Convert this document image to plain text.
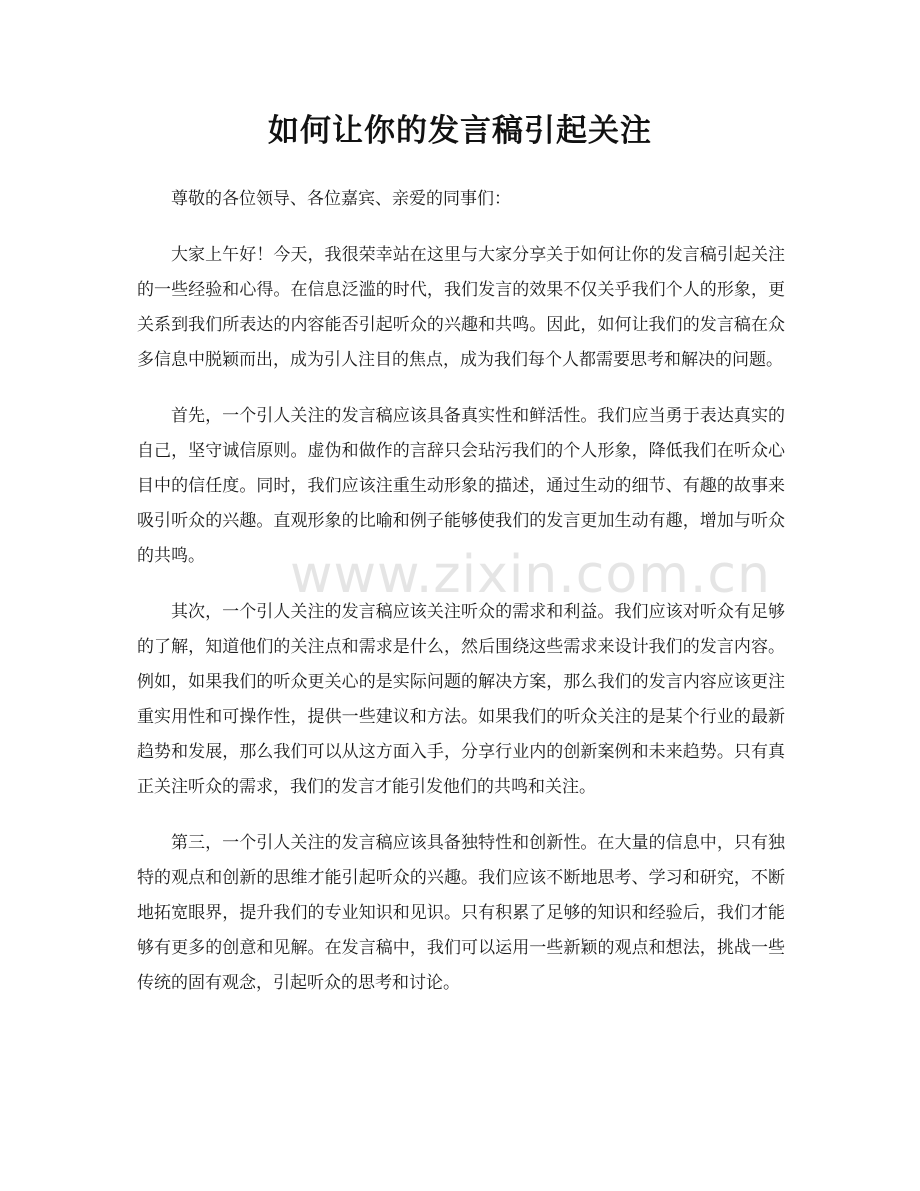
如何让你的发言稿引起关注

尊敬的各位领导、各位嘉宾、亲爱的同事们：

大家上午好！今天，我很荣幸站在这里与大家分享关于如何让你的发言稿引起关注的一些经验和心得。在信息泛滥的时代，我们发言的效果不仅关乎我们个人的形象，更关系到我们所表达的内容能否引起听众的兴趣和共鸣。因此，如何让我们的发言稿在众多信息中脱颖而出，成为引人注目的焦点，成为我们每个人都需要思考和解决的问题。

首先，一个引人关注的发言稿应该具备真实性和鲜活性。我们应当勇于表达真实的自己，坚守诚信原则。虚伪和做作的言辞只会玷污我们的个人形象，降低我们在听众心目中的信任度。同时，我们应该注重生动形象的描述，通过生动的细节、有趣的故事来吸引听众的兴趣。直观形象的比喻和例子能够使我们的发言更加生动有趣，增加与听众的共鸣。

其次，一个引人关注的发言稿应该关注听众的需求和利益。我们应该对听众有足够的了解，知道他们的关注点和需求是什么，然后围绕这些需求来设计我们的发言内容。例如，如果我们的听众更关心的是实际问题的解决方案，那么我们的发言内容应该更注重实用性和可操作性，提供一些建议和方法。如果我们的听众关注的是某个行业的最新趋势和发展，那么我们可以从这方面入手，分享行业内的创新案例和未来趋势。只有真正关注听众的需求，我们的发言才能引发他们的共鸣和关注。

第三，一个引人关注的发言稿应该具备独特性和创新性。在大量的信息中，只有独特的观点和创新的思维才能引起听众的兴趣。我们应该不断地思考、学习和研究，不断地拓宽眼界，提升我们的专业知识和见识。只有积累了足够的知识和经验后，我们才能够有更多的创意和见解。在发言稿中，我们可以运用一些新颖的观点和想法，挑战一些传统的固有观念，引起听众的思考和讨论。

www.zixin.com.cn
